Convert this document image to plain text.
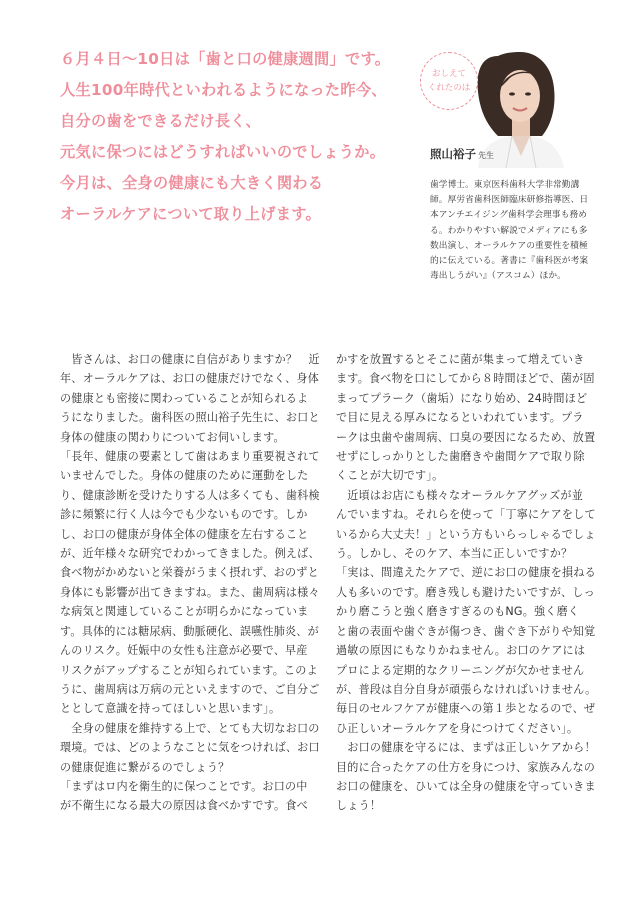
６月４日～10日は「歯と口の健康週間」です。
人生100年時代といわれるようになった昨今、
自分の歯をできるだけ長く、
元気に保つにはどうすればいいのでしょうか。
今月は、全身の健康にも大きく関わる
オーラルケアについて取り上げます。
おしえて
くれたのは
照山裕子 先生
歯学博士。東京医科歯科大学非常勤講
師。厚労省歯科医師臨床研修指導医、日
本アンチエイジング歯科学会理事も務め
る。わかりやすい解説でメディアにも多
数出演し、オーラルケアの重要性を積極
的に伝えている。著書に『歯科医が考案
毒出しうがい』（アスコム）ほか。
　皆さんは、お口の健康に自信がありますか？　近
年、オーラルケアは、お口の健康だけでなく、身体
の健康とも密接に関わっていることが知られるよ
うになりました。歯科医の照山裕子先生に、お口と
身体の健康の関わりについてお伺いします。
「長年、健康の要素として歯はあまり重要視されて
いませんでした。身体の健康のために運動をした
り、健康診断を受けたりする人は多くても、歯科検
診に頻繁に行く人は今でも少ないものです。しか
し、お口の健康が身体全体の健康を左右すること
が、近年様々な研究でわかってきました。例えば、
食べ物がかめないと栄養がうまく摂れず、おのずと
身体にも影響が出てきますね。また、歯周病は様々
な病気と関連していることが明らかになっていま
す。具体的には糖尿病、動脈硬化、誤嚥性肺炎、が
んのリスク。妊娠中の女性も注意が必要で、早産
リスクがアップすることが知られています。このよ
うに、歯周病は万病の元といえますので、ご自分ご
ととして意識を持ってほしいと思います」。
　全身の健康を維持する上で、とても大切なお口の
環境。では、どのようなことに気をつければ、お口
の健康促進に繋がるのでしょう？
「まずはロ内を衛生的に保つことです。お口の中
が不衛生になる最大の原因は食べかすです。食べ
かすを放置するとそこに菌が集まって増えていき
ます。食べ物を口にしてから８時間ほどで、菌が固
まってプラーク（歯垢）になり始め、24時間ほど
で目に見える厚みになるといわれています。プラ
ークは虫歯や歯周病、口臭の要因になるため、放置
せずにしっかりとした歯磨きや歯間ケアで取り除
くことが大切です」。
　近頃はお店にも様々なオーラルケアグッズが並
んでいますね。それらを使って「丁寧にケアをして
いるから大丈夫！」という方もいらっしゃるでしょ
う。しかし、そのケア、本当に正しいですか？
「実は、間違えたケアで、逆にお口の健康を損ねる
人も多いのです。磨き残しも避けたいですが、しっ
かり磨こうと強く磨きすぎるのもNG。強く磨く
と歯の表面や歯ぐきが傷つき、歯ぐき下がりや知覚
過敏の原因にもなりかねません。お口のケアには
プロによる定期的なクリーニングが欠かせません
が、普段は自分自身が頑張らなければいけません。
毎日のセルフケアが健康への第１歩となるので、ぜ
ひ正しいオーラルケアを身につけてください」。
　お口の健康を守るには、まずは正しいケアから！
目的に合ったケアの仕方を身につけ、家族みんなの
お口の健康を、ひいては全身の健康を守っていきま
しょう！
